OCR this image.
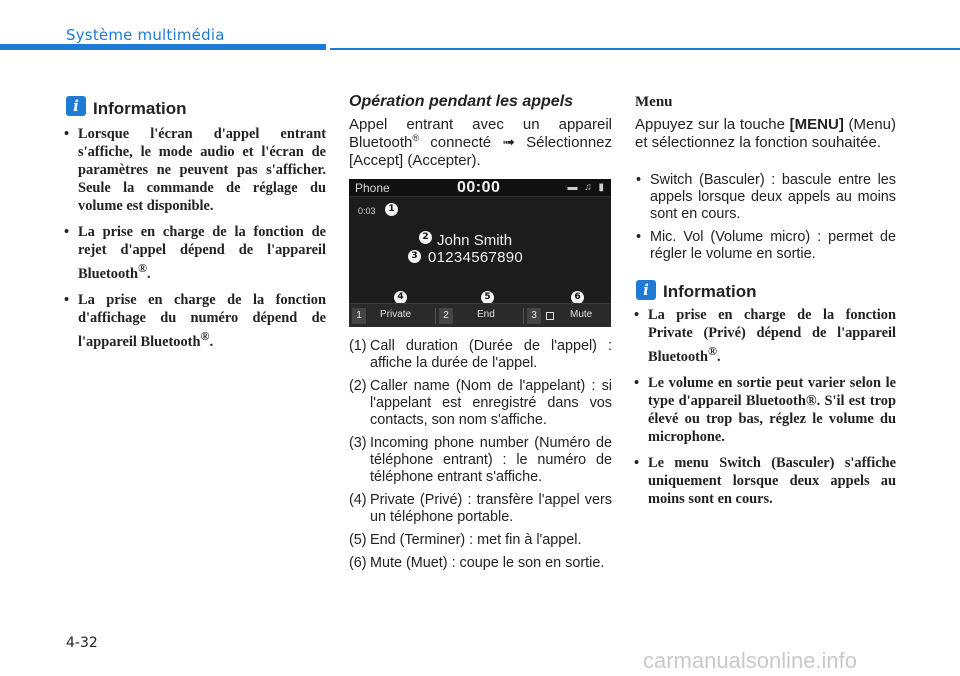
Système multimédia
i Information
• Lorsque l'écran d'appel entrant s'affiche, le mode audio et l'écran de paramètres ne peuvent pas s'afficher. Seule la commande de réglage du volume est disponible.
• La prise en charge de la fonction de rejet d'appel dépend de l'appareil Bluetooth®.
• La prise en charge de la fonction d'affichage du numéro dépend de l'appareil Bluetooth®.
Opération pendant les appels
Appel entrant avec un appareil Bluetooth® connecté ➟ Sélectionnez [Accept] (Accepter).
Phone	00:00	▬ ♫ ▮
0:03	1
2 John Smith
3 01234567890
4	5	6
1	Private	2	End	3	Mute
(1) Call duration (Durée de l'appel) : affiche la durée de l'appel.
(2) Caller name (Nom de l'appelant) : si l'appelant est enregistré dans vos contacts, son nom s'affiche.
(3) Incoming phone number (Numéro de téléphone entrant) : le numéro de téléphone entrant s'affiche.
(4) Private (Privé) : transfère l'appel vers un téléphone portable.
(5) End (Terminer) : met fin à l'appel.
(6) Mute (Muet) : coupe le son en sortie.
Menu
Appuyez sur la touche [MENU] (Menu) et sélectionnez la fonction souhaitée.
• Switch (Basculer) : bascule entre les appels lorsque deux appels au moins sont en cours.
• Mic. Vol (Volume micro) : permet de régler le volume en sortie.
i Information
• La prise en charge de la fonction Private (Privé) dépend de l'appareil Bluetooth®.
• Le volume en sortie peut varier selon le type d'appareil Bluetooth®. S'il est trop élevé ou trop bas, réglez le volume du microphone.
• Le menu Switch (Basculer) s'affiche uniquement lorsque deux appels au moins sont en cours.
4-32
carmanualsonline.info
